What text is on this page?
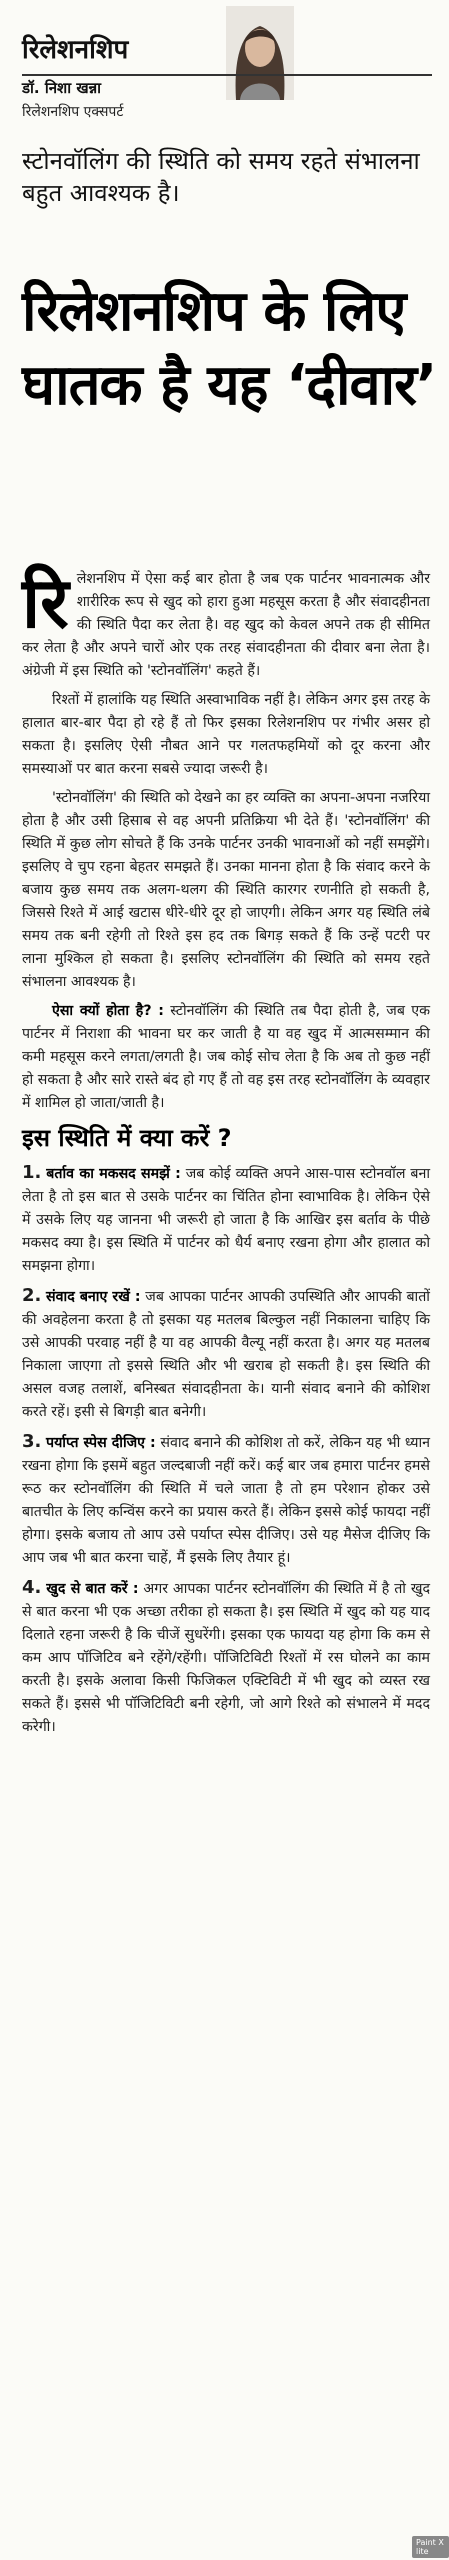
रिलेशनशिप
डॉ. निशा खन्ना
रिलेशनशिप एक्सपर्ट
स्टोनवॉलिंग की स्थिति को समय रहते संभालना बहुत आवश्यक है।
रिलेशनशिप के लिए घातक है यह ‘दीवार’

रिलेशनशिप में ऐसा कई बार होता है जब एक पार्टनर भावनात्मक और शारीरिक रूप से खुद को हारा हुआ महसूस करता है और संवादहीनता की स्थिति पैदा कर लेता है। वह खुद को केवल अपने तक ही सीमित कर लेता है और अपने चारों ओर एक तरह संवादहीनता की दीवार बना लेता है। अंग्रेजी में इस स्थिति को 'स्टोनवॉलिंग' कहते हैं।

रिश्तों में हालांकि यह स्थिति अस्वाभाविक नहीं है। लेकिन अगर इस तरह के हालात बार-बार पैदा हो रहे हैं तो फिर इसका रिलेशनशिप पर गंभीर असर हो सकता है। इसलिए ऐसी नौबत आने पर गलतफहमियों को दूर करना और समस्याओं पर बात करना सबसे ज्यादा जरूरी है।

'स्टोनवॉलिंग' की स्थिति को देखने का हर व्यक्ति का अपना-अपना नजरिया होता है और उसी हिसाब से वह अपनी प्रतिक्रिया भी देते हैं। 'स्टोनवॉलिंग' की स्थिति में कुछ लोग सोचते हैं कि उनके पार्टनर उनकी भावनाओं को नहीं समझेंगे। इसलिए वे चुप रहना बेहतर समझते हैं। उनका मानना होता है कि संवाद करने के बजाय कुछ समय तक अलग-थलग की स्थिति कारगर रणनीति हो सकती है, जिससे रिश्ते में आई खटास धीरे-धीरे दूर हो जाएगी। लेकिन अगर यह स्थिति लंबे समय तक बनी रहेगी तो रिश्ते इस हद तक बिगड़ सकते हैं कि उन्हें पटरी पर लाना मुश्किल हो सकता है। इसलिए स्टोनवॉलिंग की स्थिति को समय रहते संभालना आवश्यक है।

ऐसा क्यों होता है? : स्टोनवॉलिंग की स्थिति तब पैदा होती है, जब एक पार्टनर में निराशा की भावना घर कर जाती है या वह खुद में आत्मसम्मान की कमी महसूस करने लगता/लगती है। जब कोई सोच लेता है कि अब तो कुछ नहीं हो सकता है और सारे रास्ते बंद हो गए हैं तो वह इस तरह स्टोनवॉलिंग के व्यवहार में शामिल हो जाता/जाती है।

इस स्थिति में क्या करें ?

1. बर्ताव का मकसद समझें : जब कोई व्यक्ति अपने आस-पास स्टोनवॉल बना लेता है तो इस बात से उसके पार्टनर का चिंतित होना स्वाभाविक है। लेकिन ऐसे में उसके लिए यह जानना भी जरूरी हो जाता है कि आखिर इस बर्ताव के पीछे मकसद क्या है। इस स्थिति में पार्टनर को धैर्य बनाए रखना होगा और हालात को समझना होगा।

2. संवाद बनाए रखें : जब आपका पार्टनर आपकी उपस्थिति और आपकी बातों की अवहेलना करता है तो इसका यह मतलब बिल्कुल नहीं निकालना चाहिए कि उसे आपकी परवाह नहीं है या वह आपकी वैल्यू नहीं करता है। अगर यह मतलब निकाला जाएगा तो इससे स्थिति और भी खराब हो सकती है। इस स्थिति की असल वजह तलाशें, बनिस्बत संवादहीनता के। यानी संवाद बनाने की कोशिश करते रहें। इसी से बिगड़ी बात बनेगी।

3. पर्याप्त स्पेस दीजिए : संवाद बनाने की कोशिश तो करें, लेकिन यह भी ध्यान रखना होगा कि इसमें बहुत जल्दबाजी नहीं करें। कई बार जब हमारा पार्टनर हमसे रूठ कर स्टोनवॉलिंग की स्थिति में चले जाता है तो हम परेशान होकर उसे बातचीत के लिए कन्विंस करने का प्रयास करते हैं। लेकिन इससे कोई फायदा नहीं होगा। इसके बजाय तो आप उसे पर्याप्त स्पेस दीजिए। उसे यह मैसेज दीजिए कि आप जब भी बात करना चाहें, मैं इसके लिए तैयार हूं।

4. खुद से बात करें : अगर आपका पार्टनर स्टोनवॉलिंग की स्थिति में है तो खुद से बात करना भी एक अच्छा तरीका हो सकता है। इस स्थिति में खुद को यह याद दिलाते रहना जरूरी है कि चीजें सुधरेंगी। इसका एक फायदा यह होगा कि कम से कम आप पॉजिटिव बने रहेंगे/रहेंगी। पॉजिटिविटी रिश्तों में रस घोलने का काम करती है। इसके अलावा किसी फिजिकल एक्टिविटी में भी खुद को व्यस्त रख सकते हैं। इससे भी पॉजिटिविटी बनी रहेगी, जो आगे रिश्ते को संभालने में मदद करेगी।

Paint X lite
